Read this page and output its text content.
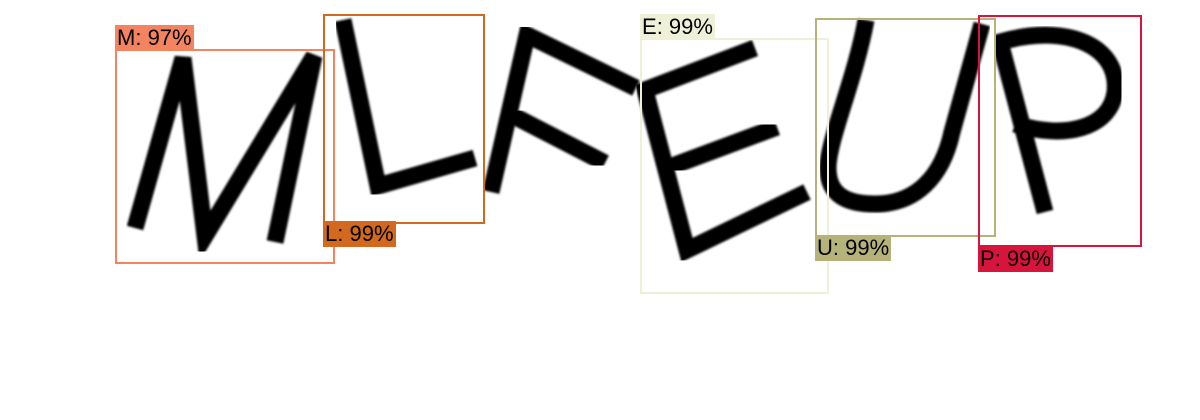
M: 97%
L: 99%
E: 99%
U: 99%	P: 99%
